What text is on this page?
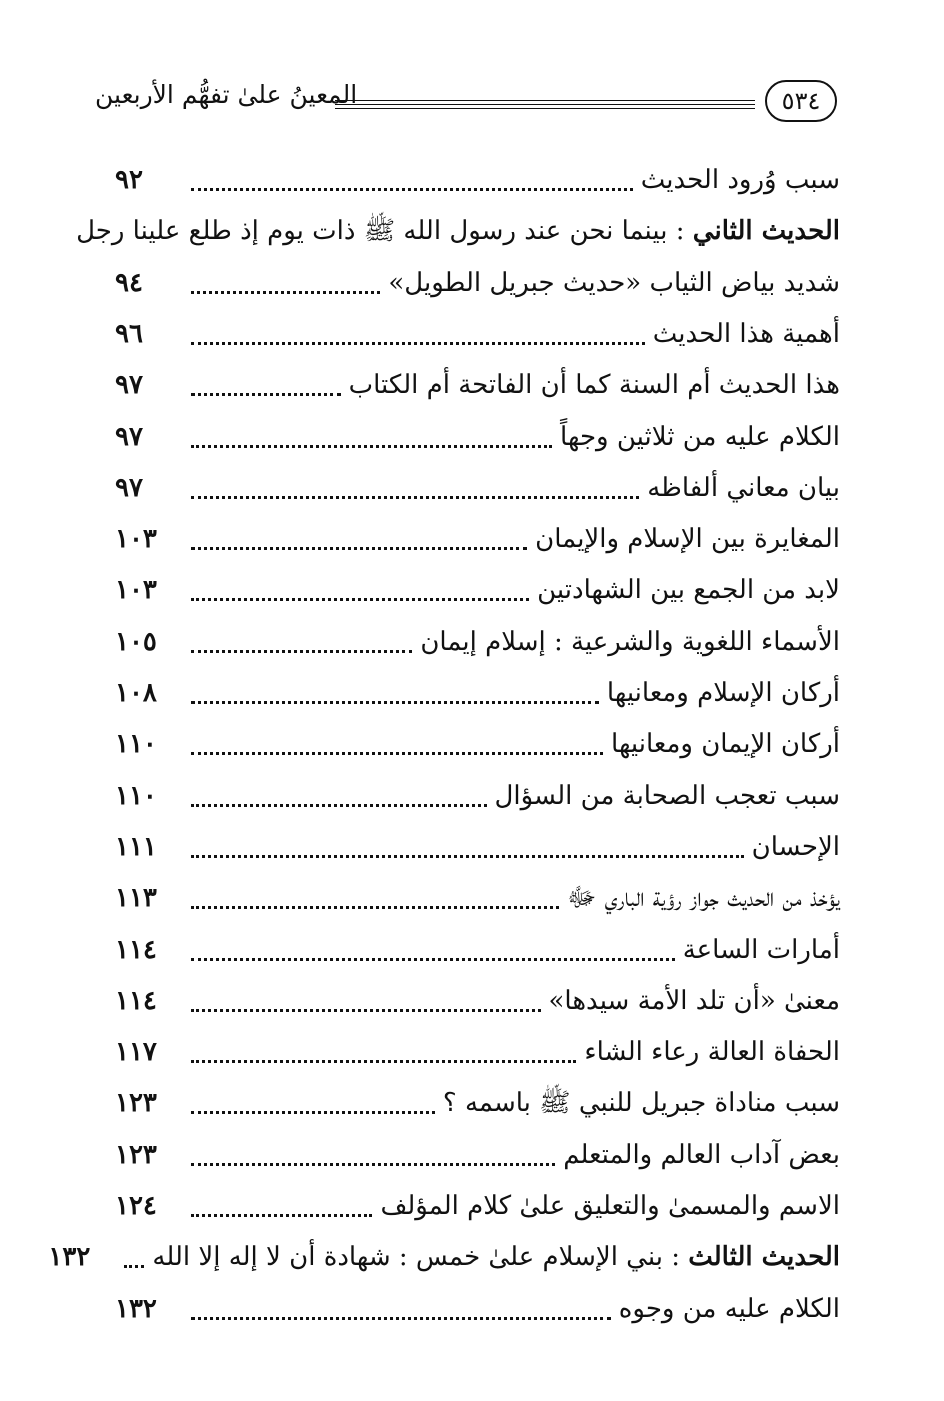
المعينُ علىٰ تفهُّم الأربعين	٥٣٤
سبب وُرود الحديث
٩٢
الحديث الثاني : بينما نحن عند رسول الله ﷺ ذات يوم إذ طلع علينا رجل
شديد بياض الثياب «حديث جبريل الطويل»
٩٤
أهمية هذا الحديث
٩٦
هذا الحديث أم السنة كما أن الفاتحة أم الكتاب
٩٧
الكلام عليه من ثلاثين وجهاً
٩٧
بيان معاني ألفاظه
٩٧
المغايرة بين الإسلام والإيمان
١٠٣
لابد من الجمع بين الشهادتين
١٠٣
الأسماء اللغوية والشرعية : إسلام إيمان
١٠٥
أركان الإسلام ومعانيها
١٠٨
أركان الإيمان ومعانيها
١١٠
سبب تعجب الصحابة من السؤال
١١٠
الإحسان
١١١
يؤخذ من الحديث جواز رؤية الباري ﷻ
١١٣
أمارات الساعة
١١٤
معنىٰ «أن تلد الأمة سيدها»
١١٤
الحفاة العالة رعاء الشاء
١١٧
سبب مناداة جبريل للنبي ﷺ باسمه ؟
١٢٣
بعض آداب العالم والمتعلم
١٢٣
الاسم والمسمىٰ والتعليق علىٰ كلام المؤلف
١٢٤
الحديث الثالث : بني الإسلام علىٰ خمس : شهادة أن لا إله إلا الله
١٣٢
الكلام عليه من وجوه
١٣٢
